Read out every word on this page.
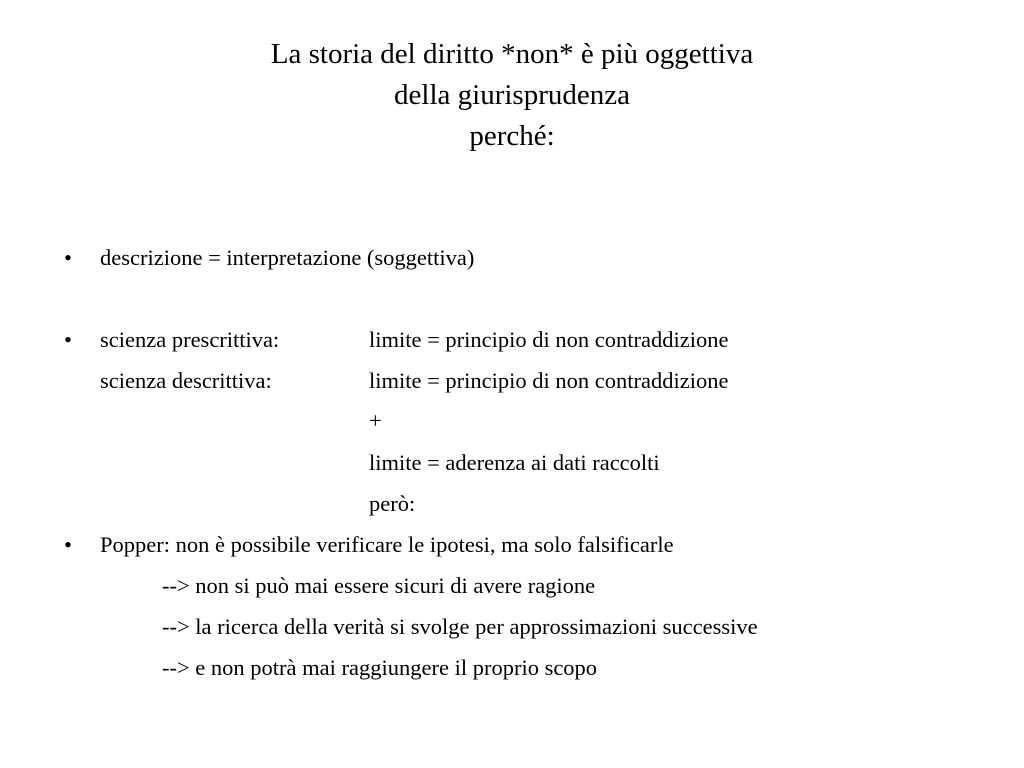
La storia del diritto *non* è più oggettiva
della giurisprudenza
perché:
• descrizione = interpretazione (soggettiva)
• scienza prescrittiva:	limite = principio di non contraddizione
scienza descrittiva:	limite = principio di non contraddizione
+
limite = aderenza ai dati raccolti
però:
• Popper: non è possibile verificare le ipotesi, ma solo falsificarle
--> non si può mai essere sicuri di avere ragione
--> la ricerca della verità si svolge per approssimazioni successive
--> e non potrà mai raggiungere il proprio scopo
